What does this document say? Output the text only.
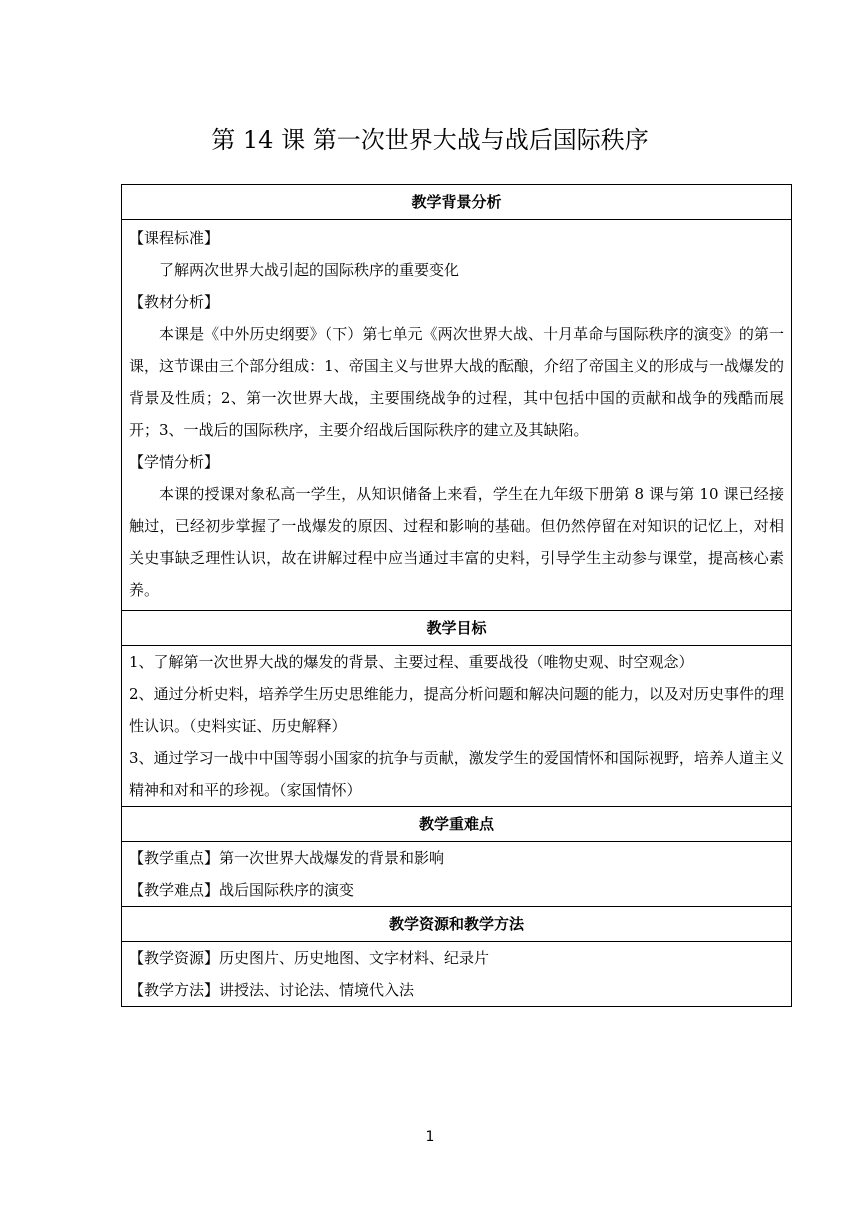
第 14 课 第一次世界大战与战后国际秩序
教学背景分析

【课程标准】
了解两次世界大战引起的国际秩序的重要变化
【教材分析】
本课是《中外历史纲要》（下）第七单元《两次世界大战、十月革命与国际秩序的演变》的第一课，这节课由三个部分组成：1、帝国主义与世界大战的酝酿，介绍了帝国主义的形成与一战爆发的背景及性质；2、第一次世界大战，主要围绕战争的过程，其中包括中国的贡献和战争的残酷而展开；3、一战后的国际秩序，主要介绍战后国际秩序的建立及其缺陷。
【学情分析】
本课的授课对象私高一学生，从知识储备上来看，学生在九年级下册第 8 课与第 10 课已经接触过，已经初步掌握了一战爆发的原因、过程和影响的基础。但仍然停留在对知识的记忆上，对相关史事缺乏理性认识，故在讲解过程中应当通过丰富的史料，引导学生主动参与课堂，提高核心素养。

教学目标

1、了解第一次世界大战的爆发的背景、主要过程、重要战役（唯物史观、时空观念）
2、通过分析史料，培养学生历史思维能力，提高分析问题和解决问题的能力，以及对历史事件的理性认识。（史料实证、历史解释）
3、通过学习一战中中国等弱小国家的抗争与贡献，激发学生的爱国情怀和国际视野，培养人道主义精神和对和平的珍视。（家国情怀）

教学重难点

【教学重点】第一次世界大战爆发的背景和影响
【教学难点】战后国际秩序的演变

教学资源和教学方法

【教学资源】历史图片、历史地图、文字材料、纪录片
【教学方法】讲授法、讨论法、情境代入法
1
